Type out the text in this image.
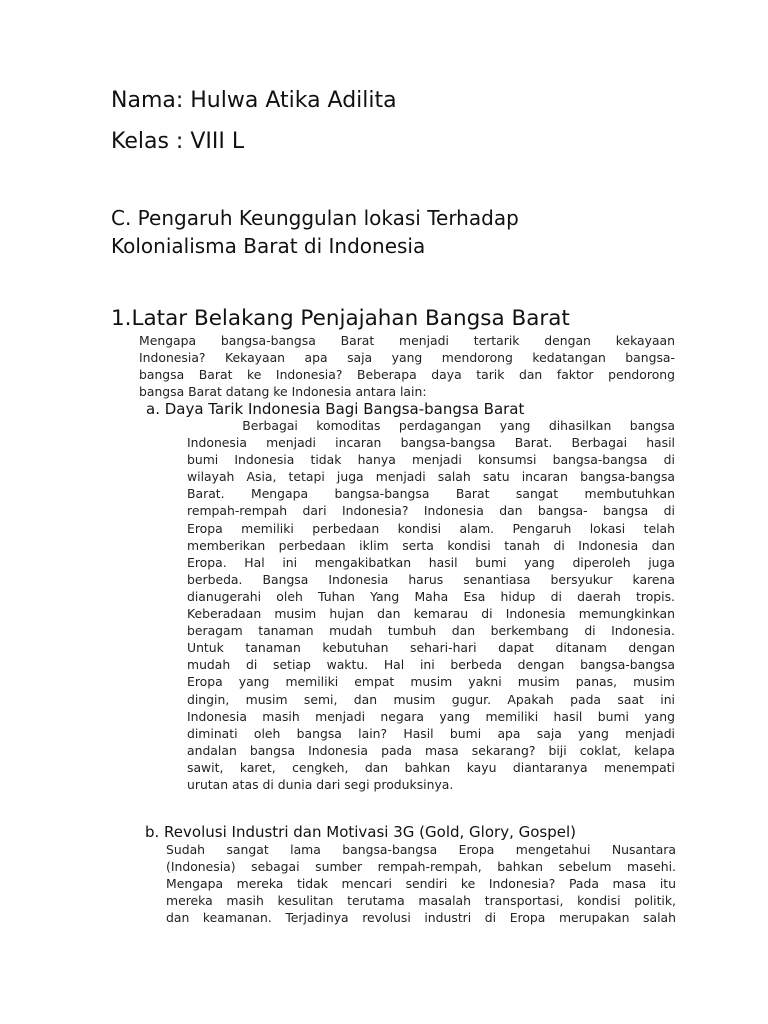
Nama: Hulwa Atika Adilita
Kelas : VIII L
C. Pengaruh Keunggulan lokasi Terhadap
Kolonialisma Barat di Indonesia
1.Latar Belakang Penjajahan Bangsa Barat
Mengapa bangsa-bangsa Barat menjadi tertarik dengan kekayaan
Indonesia? Kekayaan apa saja yang mendorong kedatangan bangsa-
bangsa Barat ke Indonesia? Beberapa daya tarik dan faktor pendorong
bangsa Barat datang ke Indonesia antara lain:
a. Daya Tarik Indonesia Bagi Bangsa-bangsa Barat
Berbagai komoditas perdagangan yang dihasilkan bangsa
Indonesia menjadi incaran bangsa-bangsa Barat. Berbagai hasil
bumi Indonesia tidak hanya menjadi konsumsi bangsa-bangsa di
wilayah Asia, tetapi juga menjadi salah satu incaran bangsa-bangsa
Barat. Mengapa bangsa-bangsa Barat sangat membutuhkan
rempah-rempah dari Indonesia? Indonesia dan bangsa- bangsa di
Eropa memiliki perbedaan kondisi alam. Pengaruh lokasi telah
memberikan perbedaan iklim serta kondisi tanah di Indonesia dan
Eropa. Hal ini mengakibatkan hasil bumi yang diperoleh juga
berbeda. Bangsa Indonesia harus senantiasa bersyukur karena
dianugerahi oleh Tuhan Yang Maha Esa hidup di daerah tropis.
Keberadaan musim hujan dan kemarau di Indonesia memungkinkan
beragam tanaman mudah tumbuh dan berkembang di Indonesia.
Untuk tanaman kebutuhan sehari-hari dapat ditanam dengan
mudah di setiap waktu. Hal ini berbeda dengan bangsa-bangsa
Eropa yang memiliki empat musim yakni musim panas, musim
dingin, musim semi, dan musim gugur. Apakah pada saat ini
Indonesia masih menjadi negara yang memiliki hasil bumi yang
diminati oleh bangsa lain? Hasil bumi apa saja yang menjadi
andalan bangsa Indonesia pada masa sekarang? biji coklat, kelapa
sawit, karet, cengkeh, dan bahkan kayu diantaranya menempati
urutan atas di dunia dari segi produksinya.
b. Revolusi Industri dan Motivasi 3G (Gold, Glory, Gospel)
Sudah sangat lama bangsa-bangsa Eropa mengetahui Nusantara
(Indonesia) sebagai sumber rempah-rempah, bahkan sebelum masehi.
Mengapa mereka tidak mencari sendiri ke Indonesia? Pada masa itu
mereka masih kesulitan terutama masalah transportasi, kondisi politik,
dan keamanan. Terjadinya revolusi industri di Eropa merupakan salah
